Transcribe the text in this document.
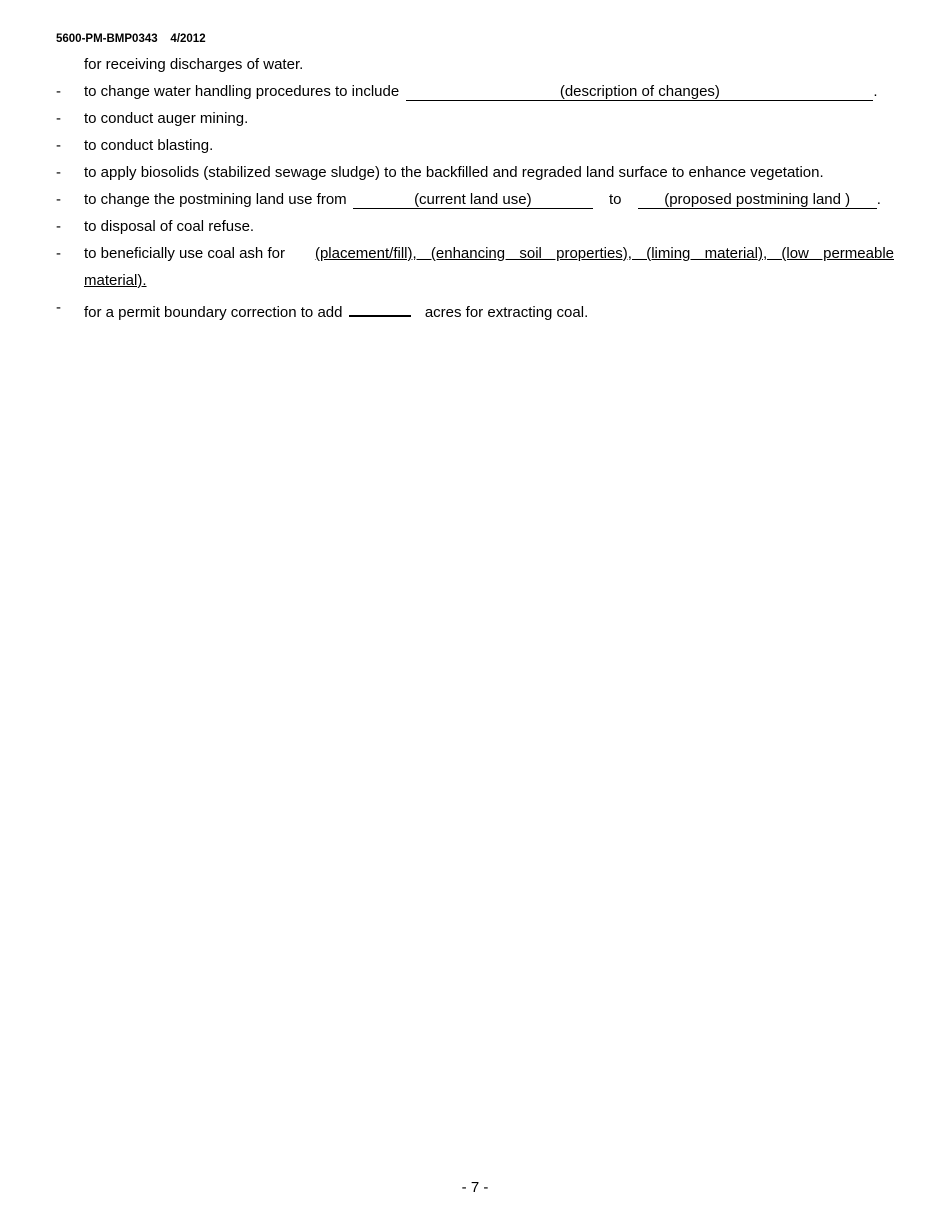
5600-PM-BMP0343 4/2012
for receiving discharges of water.
- to change water handling procedures to include	(description of changes)	.
- to conduct auger mining.
- to conduct blasting.
- to apply biosolids (stabilized sewage sludge) to the backfilled and regraded land surface to enhance vegetation.
- to change the postmining land use from	(current land use)	to	(proposed postmining land ) .
- to disposal of coal refuse.
- to beneficially use coal ash for	(placement/fill), (enhancing soil properties), (liming material), (low permeable
material).
- for a permit boundary correction to add	acres for extracting coal.
- 7 -
